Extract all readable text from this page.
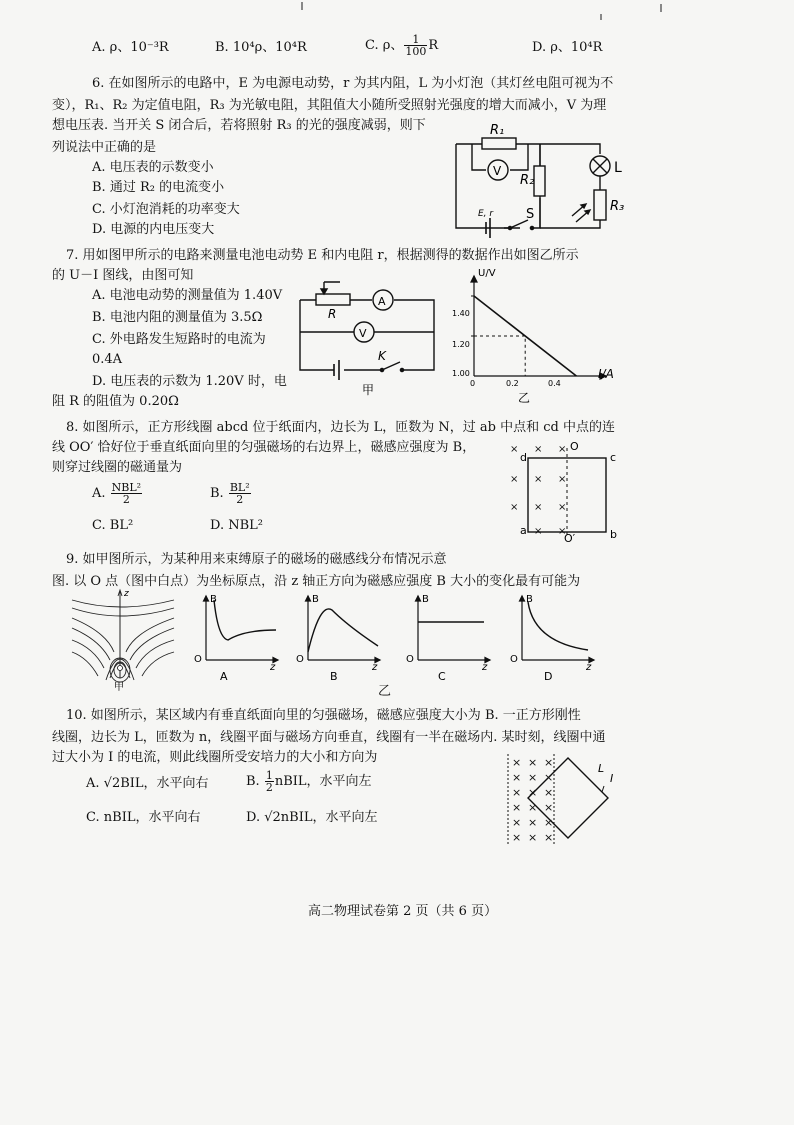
A. ρ、10⁻³R	B. 10⁴ρ、10⁴R	C. ρ、 $\frac{1}{100}$ R	D. ρ、10⁴R
6. 在如图所示的电路中，E 为电源电动势，r 为其内阻，L 为小灯泡（其灯丝电阻可视为不
变），R₁、R₂ 为定值电阻，R₃ 为光敏电阻，其阻值大小随所受照射光强度的增大而减小，V 为理
想电压表. 当开关 S 闭合后，若将照射 R₃ 的光的强度减弱，则下
列说法中正确的是
A. 电压表的示数变小
B. 通过 R₂ 的电流变小
C. 小灯泡消耗的功率变大
D. 电源的内电压变大
R₁
V
R₂
L
R₃
E, r	S
7. 用如图甲所示的电路来测量电池电动势 E 和内电阻 r，根据测得的数据作出如图乙所示
的 U－I 图线，由图可知
A. 电池电动势的测量值为 1.40V
B. 电池内阻的测量值为 3.5Ω
C. 外电路发生短路时的电流为
0.4A
D. 电压表的示数为 1.20V 时，电
阻 R 的阻值为 0.20Ω
R
A
V
K
甲
U/V
I/A
1.40
1.20
1.00
0	0.2	0.4
乙
8. 如图所示，正方形线圈 abcd 位于纸面内，边长为 L，匝数为 N，过 ab 中点和 cd 中点的连
线 OO′ 恰好位于垂直纸面向里的匀强磁场的右边界上，磁感应强度为 B，
则穿过线圈的磁通量为
A. $\frac{\text{NBL²}}{2}$	B. $\frac{\text{BL²}}{2}$
C. BL²	D. NBL²
× × ×
× × ×
× × ×
× ×
d	c
a	b
O
O′
9. 如甲图所示，为某种用来束缚原子的磁场的磁感线分布情况示意
图. 以 O 点（图中白点）为坐标原点，沿 z 轴正方向为磁感应强度 B 大小的变化最有可能为
z
甲
B
O
z
A
B
O
z
B
B
O
z
C
B
O
z
D
乙
10. 如图所示，某区域内有垂直纸面向里的匀强磁场，磁感应强度大小为 B. 一正方形刚性
线圈，边长为 L，匝数为 n，线圈平面与磁场方向垂直，线圈有一半在磁场内. 某时刻，线圈中通
过大小为 I 的电流，则此线圈所受安培力的大小和方向为
A. √2BIL，水平向右	B. $\frac{1}{2}$ nBIL，水平向左
C. nBIL，水平向右	D. √2nBIL，水平向左
× × ×
× × ×
× × ×
× × ×
× × ×
× × ×
L
I
高二物理试卷第 2 页（共 6 页）
